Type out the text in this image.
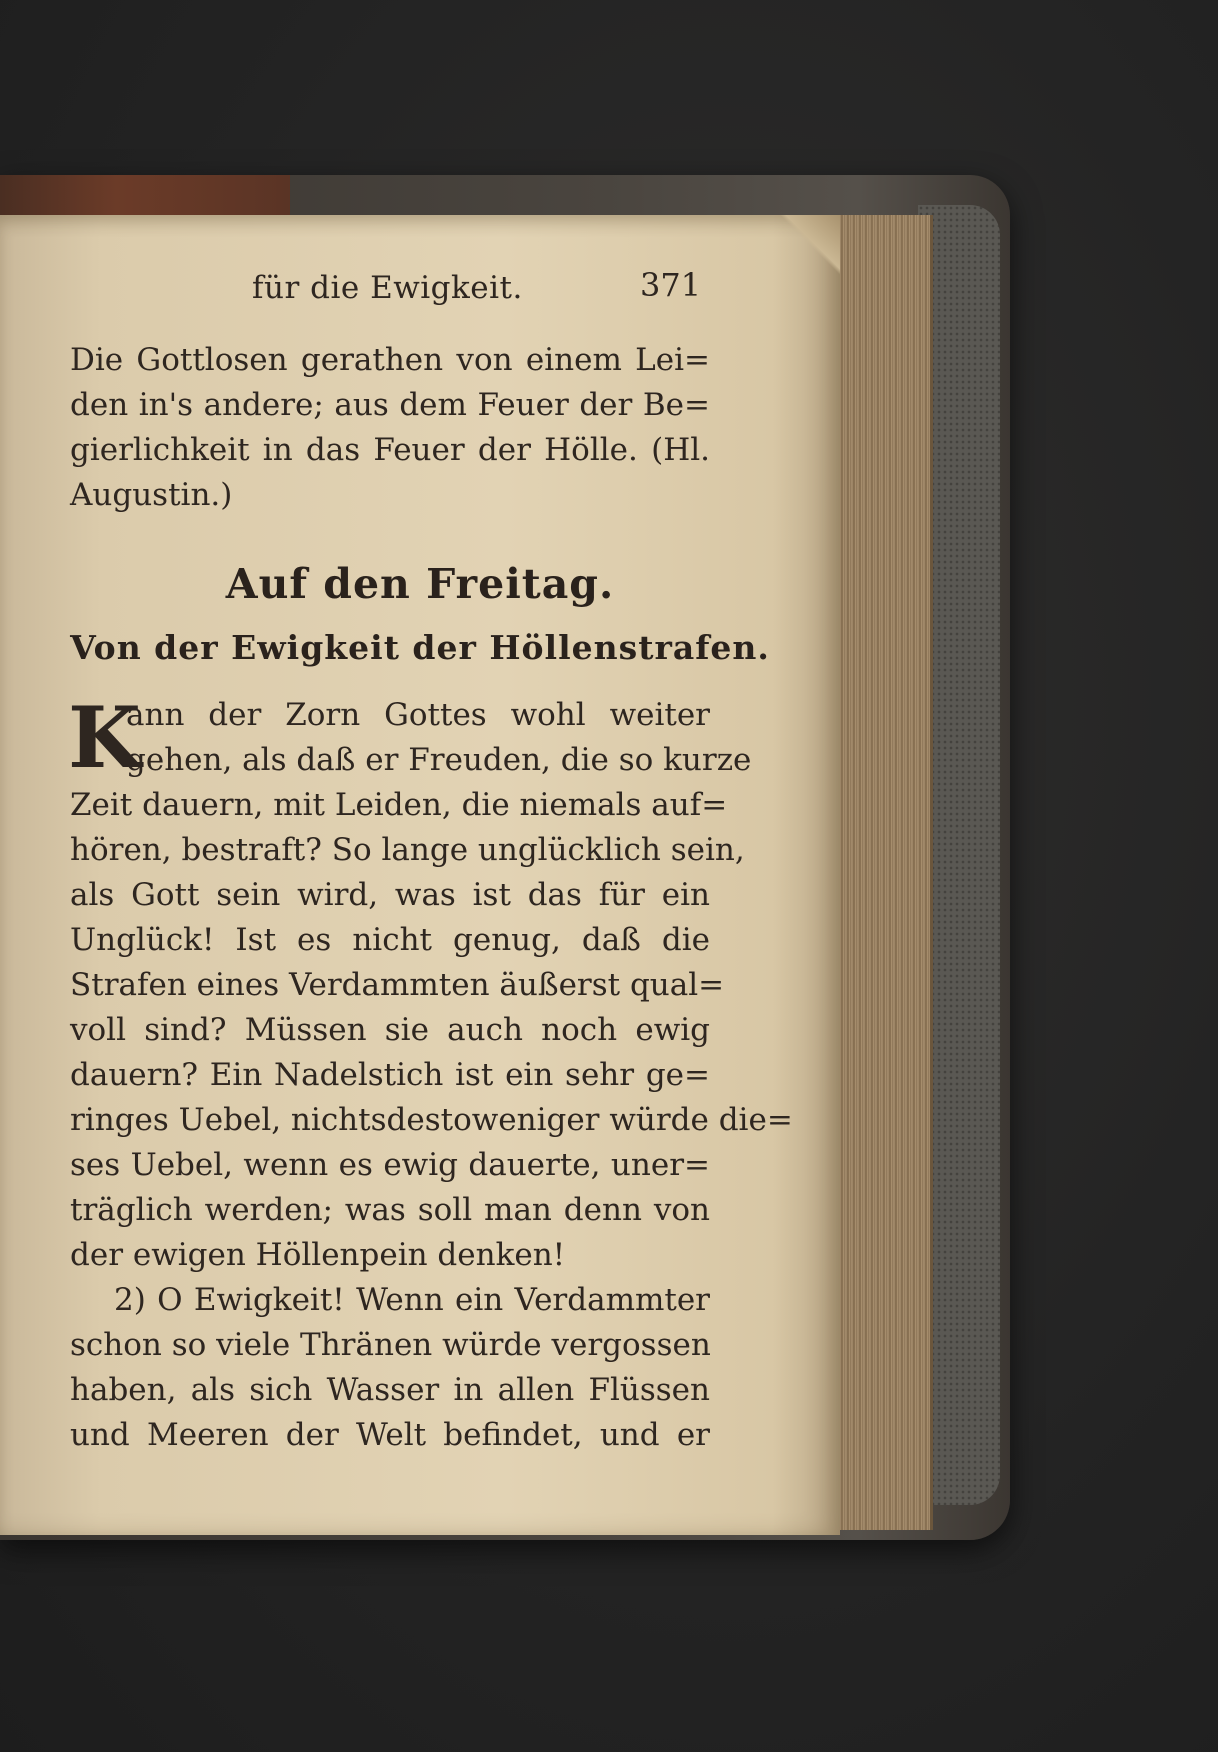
für die Ewigkeit.	371
Die Gottlosen gerathen von einem Lei=
den in's andere; aus dem Feuer der Be=
gierlichkeit in das Feuer der Hölle. (Hl.
Augustin.)
Auf den Freitag.
Von der Ewigkeit der Höllenstrafen.
K
ann der Zorn Gottes wohl weiter
gehen, als daß er Freuden, die so kurze
Zeit dauern, mit Leiden, die niemals auf=
hören, bestraft? So lange unglücklich sein,
als Gott sein wird, was ist das für ein
Unglück! Ist es nicht genug, daß die
Strafen eines Verdammten äußerst qual=
voll sind? Müssen sie auch noch ewig
dauern? Ein Nadelstich ist ein sehr ge=
ringes Uebel, nichtsdestoweniger würde die=
ses Uebel, wenn es ewig dauerte, uner=
träglich werden; was soll man denn von
der ewigen Höllenpein denken!
2) O Ewigkeit! Wenn ein Verdammter
schon so viele Thränen würde vergossen
haben, als sich Wasser in allen Flüssen
und Meeren der Welt befindet, und er
